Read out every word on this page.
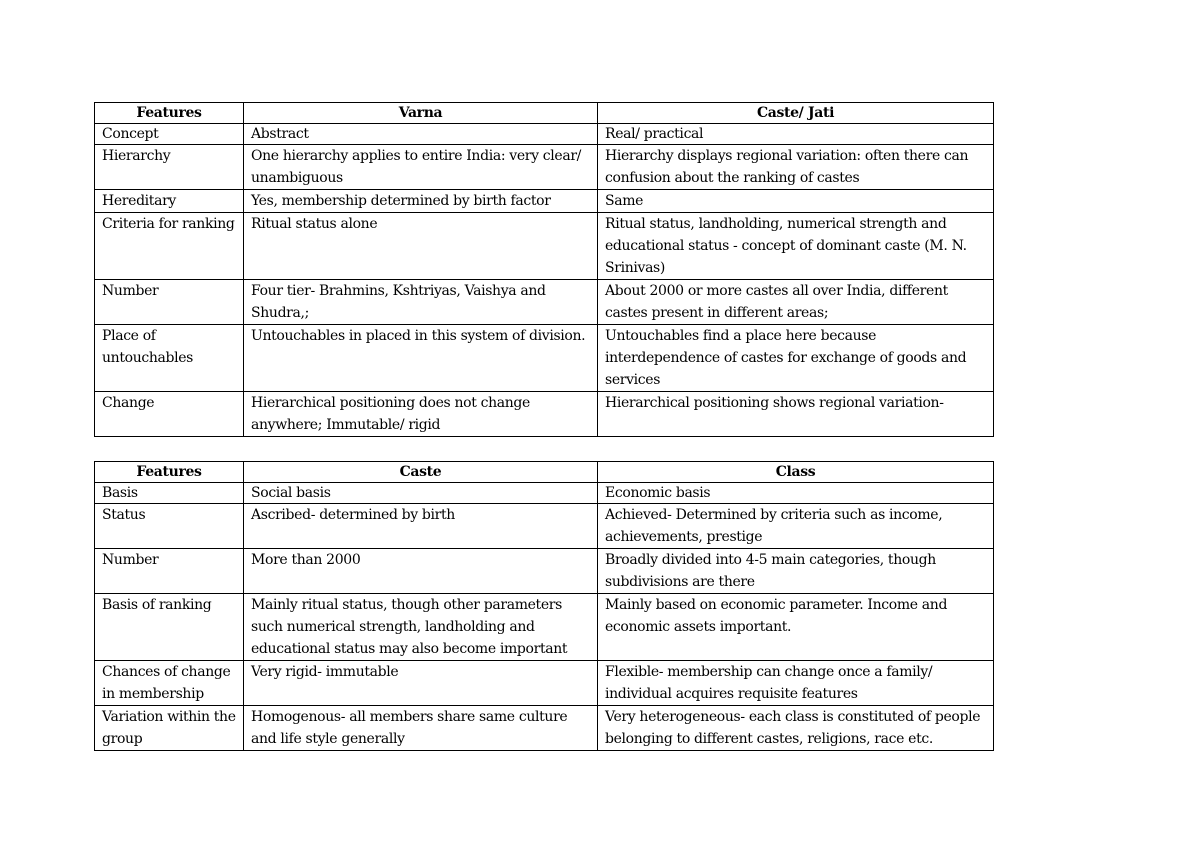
Features	Varna	Caste/ Jati
Concept	Abstract	Real/ practical
Hierarchy	One hierarchy applies to entire India: very clear/ unambiguous	Hierarchy displays regional variation: often there can confusion about the ranking of castes
Hereditary	Yes, membership determined by birth factor	Same
Criteria for ranking	Ritual status alone	Ritual status, landholding, numerical strength and educational status - concept of dominant caste (M. N. Srinivas)
Number	Four tier- Brahmins, Kshtriyas, Vaishya and Shudra,;	About 2000 or more castes all over India, different castes present in different areas;
Place of untouchables	Untouchables in placed in this system of division.	Untouchables find a place here because interdependence of castes for exchange of goods and services
Change	Hierarchical positioning does not change anywhere; Immutable/ rigid	Hierarchical positioning shows regional variation-
Features	Caste	Class
Basis	Social basis	Economic basis
Status	Ascribed- determined by birth	Achieved- Determined by criteria such as income, achievements, prestige
Number	More than 2000	Broadly divided into 4-5 main categories, though subdivisions are there
Basis of ranking	Mainly ritual status, though other parameters such numerical strength, landholding and educational status may also become important	Mainly based on economic parameter. Income and economic assets important.
Chances of change in membership	Very rigid- immutable	Flexible- membership can change once a family/ individual acquires requisite features
Variation within the group	Homogenous- all members share same culture and life style generally	Very heterogeneous- each class is constituted of people belonging to different castes, religions, race etc.
